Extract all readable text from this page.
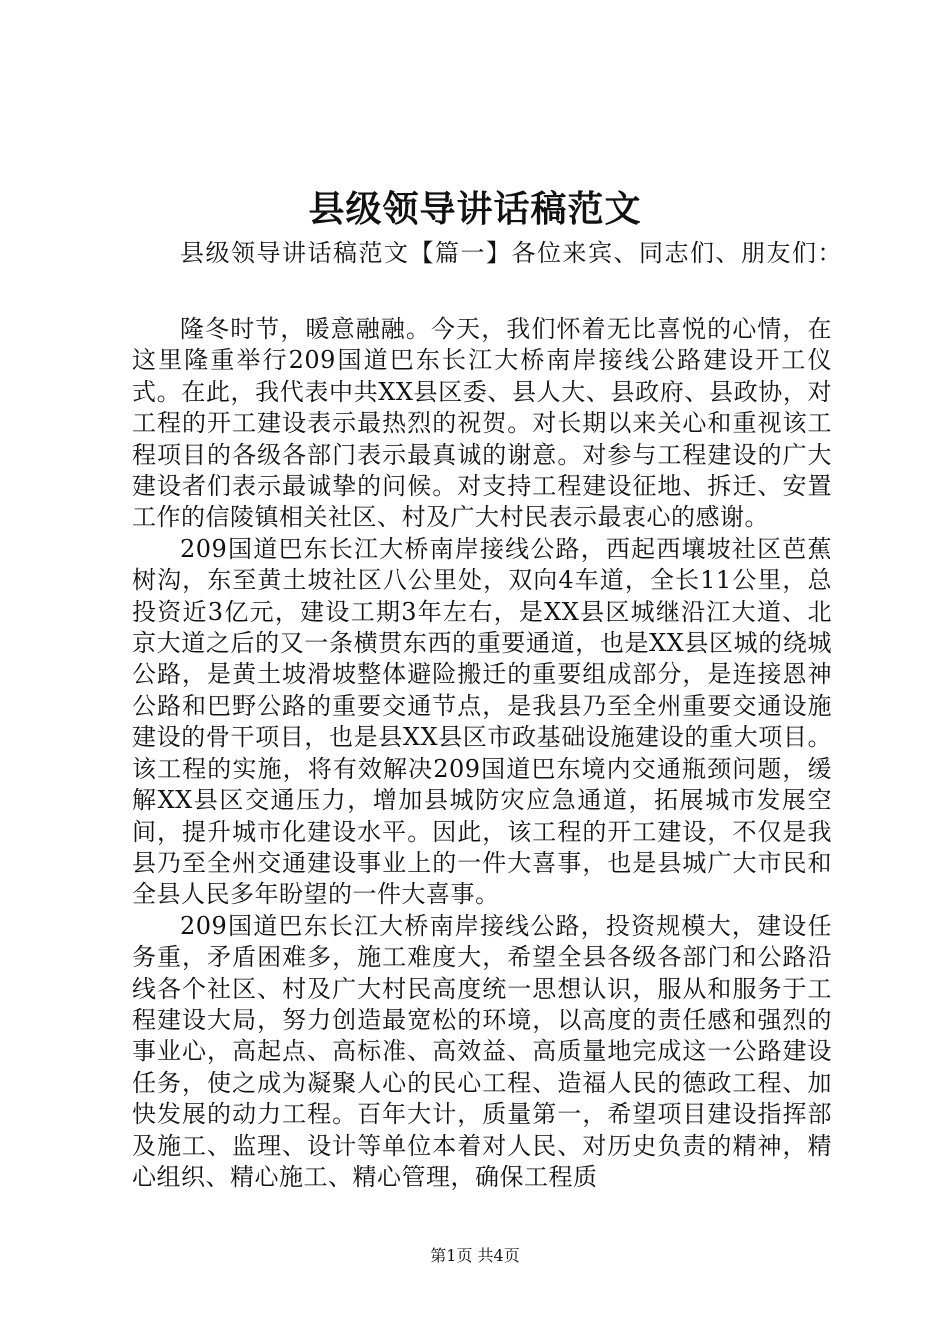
县级领导讲话稿范文
县级领导讲话稿范文【篇一】各位来宾、同志们、朋友们：

隆冬时节，暖意融融。今天，我们怀着无比喜悦的心情，在这里隆重举行209国道巴东长江大桥南岸接线公路建设开工仪式。在此，我代表中共XX县区委、县人大、县政府、县政协，对工程的开工建设表示最热烈的祝贺。对长期以来关心和重视该工程项目的各级各部门表示最真诚的谢意。对参与工程建设的广大建设者们表示最诚挚的问候。对支持工程建设征地、拆迁、安置工作的信陵镇相关社区、村及广大村民表示最衷心的感谢。

209国道巴东长江大桥南岸接线公路，西起西壤坡社区芭蕉树沟，东至黄土坡社区八公里处，双向4车道，全长11公里，总投资近3亿元，建设工期3年左右，是XX县区城继沿江大道、北京大道之后的又一条横贯东西的重要通道，也是XX县区城的绕城公路，是黄土坡滑坡整体避险搬迁的重要组成部分，是连接恩神公路和巴野公路的重要交通节点，是我县乃至全州重要交通设施建设的骨干项目，也是县XX县区市政基础设施建设的重大项目。该工程的实施，将有效解决209国道巴东境内交通瓶颈问题，缓解XX县区交通压力，增加县城防灾应急通道，拓展城市发展空间，提升城市化建设水平。因此，该工程的开工建设，不仅是我县乃至全州交通建设事业上的一件大喜事，也是县城广大市民和全县人民多年盼望的一件大喜事。

209国道巴东长江大桥南岸接线公路，投资规模大，建设任务重，矛盾困难多，施工难度大，希望全县各级各部门和公路沿线各个社区、村及广大村民高度统一思想认识，服从和服务于工程建设大局，努力创造最宽松的环境，以高度的责任感和强烈的事业心，高起点、高标准、高效益、高质量地完成这一公路建设任务，使之成为凝聚人心的民心工程、造福人民的德政工程、加快发展的动力工程。百年大计，质量第一，希望项目建设指挥部及施工、监理、设计等单位本着对人民、对历史负责的精神，精心组织、精心施工、精心管理，确保工程质

第1页 共4页
